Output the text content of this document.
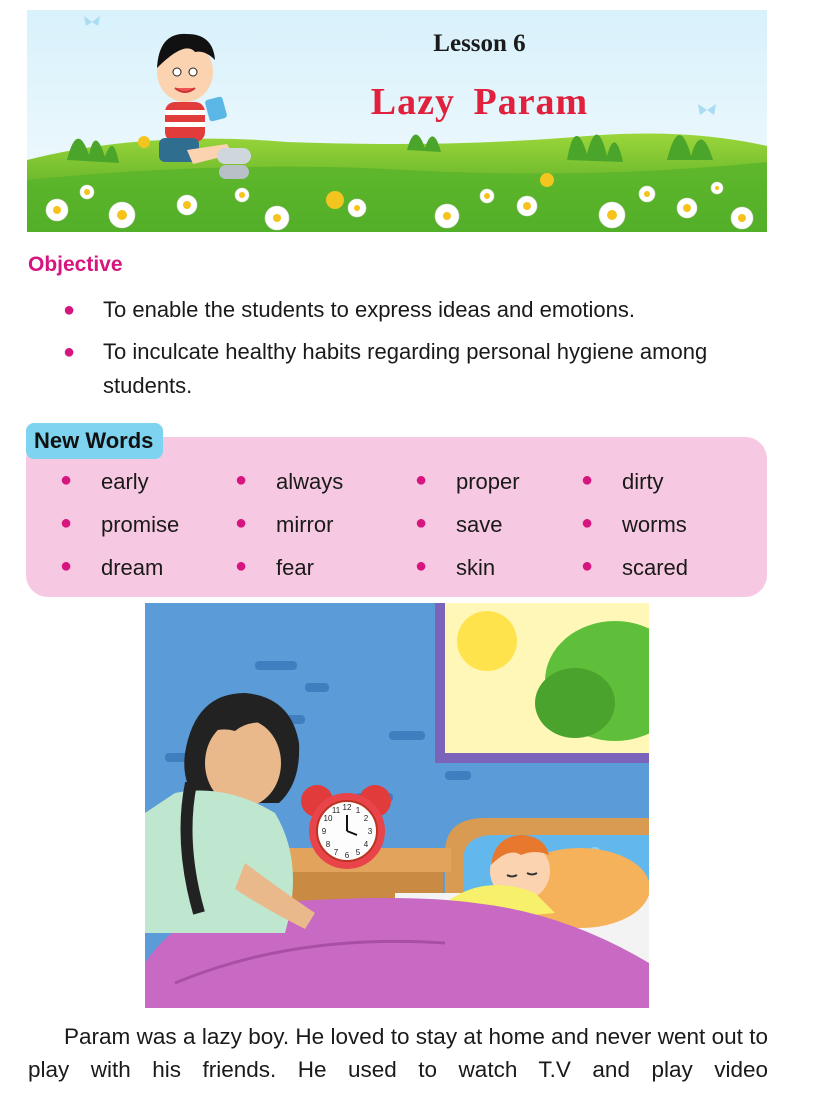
Lesson 6
Lazy Param
Objective
● To enable the students to express ideas and emotions.
● To inculcate healthy habits regarding personal hygiene among students.
New Words
● early	● always	● proper	● dirty
● promise	● mirror	● save	● worms
● dream	● fear	● skin	● scared
12 1
2
3
4
5
6
7
8
9
10
11

Param was a lazy boy. He loved to stay at home and never went out to play with his friends. He used to watch T.V and play video
